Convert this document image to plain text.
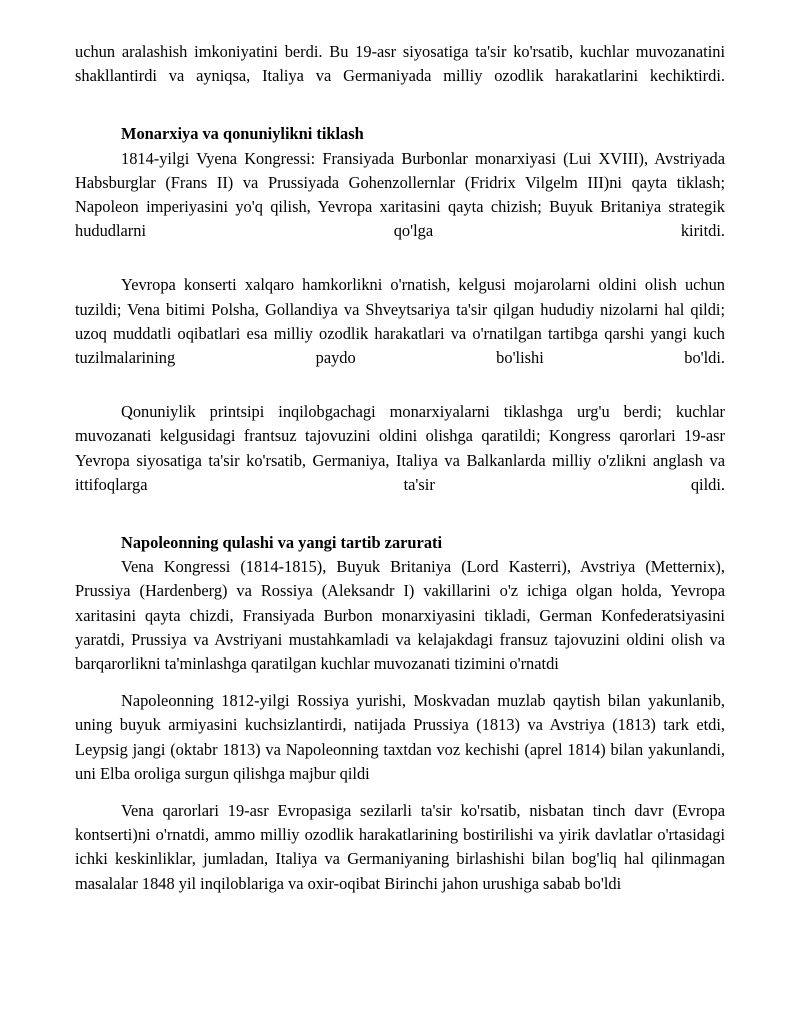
uchun aralashish imkoniyatini berdi. Bu 19-asr siyosatiga ta'sir ko'rsatib, kuchlar muvozanatini shakllantirdi va ayniqsa, Italiya va Germaniyada milliy ozodlik harakatlarini kechiktirdi.

Monarxiya va qonuniylikni tiklash

1814-yilgi Vyena Kongressi: Fransiyada Burbonlar monarxiyasi (Lui XVIII), Avstriyada Habsburglar (Frans II) va Prussiyada Gohenzollernlar (Fridrix Vilgelm III)ni qayta tiklash; Napoleon imperiyasini yo'q qilish, Yevropa xaritasini qayta chizish; Buyuk Britaniya strategik hududlarni qo'lga kiritdi.

Yevropa konserti xalqaro hamkorlikni o'rnatish, kelgusi mojarolarni oldini olish uchun tuzildi; Vena bitimi Polsha, Gollandiya va Shveytsariya ta'sir qilgan hududiy nizolarni hal qildi; uzoq muddatli oqibatlari esa milliy ozodlik harakatlari va o'rnatilgan tartibga qarshi yangi kuch tuzilmalarining paydo bo'lishi bo'ldi.

Qonuniylik printsipi inqilobgachagi monarxiyalarni tiklashga urg'u berdi; kuchlar muvozanati kelgusidagi frantsuz tajovuzini oldini olishga qaratildi; Kongress qarorlari 19-asr Yevropa siyosatiga ta'sir ko'rsatib, Germaniya, Italiya va Balkanlarda milliy o'zlikni anglash va ittifoqlarga ta'sir qildi.

Napoleonning qulashi va yangi tartib zarurati

Vena Kongressi (1814-1815), Buyuk Britaniya (Lord Kasterri), Avstriya (Metternix), Prussiya (Hardenberg) va Rossiya (Aleksandr I) vakillarini o'z ichiga olgan holda, Yevropa xaritasini qayta chizdi, Fransiyada Burbon monarxiyasini tikladi, German Konfederatsiyasini yaratdi, Prussiya va Avstriyani mustahkamladi va kelajakdagi fransuz tajovuzini oldini olish va barqarorlikni ta'minlashga qaratilgan kuchlar muvozanati tizimini o'rnatdi

Napoleonning 1812-yilgi Rossiya yurishi, Moskvadan muzlab qaytish bilan yakunlanib, uning buyuk armiyasini kuchsizlantirdi, natijada Prussiya (1813) va Avstriya (1813) tark etdi, Leypsig jangi (oktabr 1813) va Napoleonning taxtdan voz kechishi (aprel 1814) bilan yakunlandi, uni Elba oroliga surgun qilishga majbur qildi

Vena qarorlari 19-asr Evropasiga sezilarli ta'sir ko'rsatib, nisbatan tinch davr (Evropa kontserti)ni o'rnatdi, ammo milliy ozodlik harakatlarining bostirilishi va yirik davlatlar o'rtasidagi ichki keskinliklar, jumladan, Italiya va Germaniyaning birlashishi bilan bog'liq hal qilinmagan masalalar 1848 yil inqiloblariga va oxir-oqibat Birinchi jahon urushiga sabab bo'ldi
